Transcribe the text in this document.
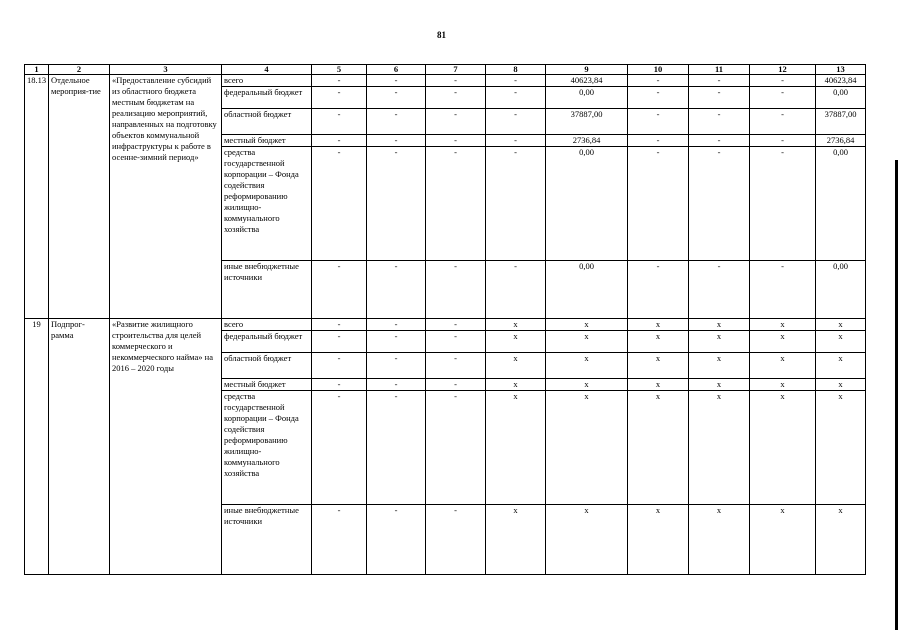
81
1	2	3	4	5	6	7	8	9	10	11	12	13
18.13	Отдельное мероприя-тие	«Предоставление субсидий из областного бюджета местным бюджетам на реализацию мероприятий, направленных на подготовку объектов коммунальной инфраструктуры к работе в осенне-зимний период»	всего	-	-	-	-	40623,84	-	-	-	40623,84
			федеральный бюджет	-	-	-	-	0,00	-	-	-	0,00
			областной бюджет	-	-	-	-	37887,00	-	-	-	37887,00
			местный бюджет	-	-	-	-	2736,84	-	-	-	2736,84
			средства государственной корпорации – Фонда содействия реформированию жилищно-коммунального хозяйства	-	-	-	-	0,00	-	-	-	0,00
			иные внебюджетные источники	-	-	-	-	0,00	-	-	-	0,00
19	Подпрог-рамма	«Развитие жилищного строительства для целей коммерческого и некоммерческого найма» на 2016 – 2020 годы	всего	-	-	-	x	x	x	x	x	x
			федеральный бюджет	-	-	-	x	x	x	x	x	x
			областной бюджет	-	-	-	x	x	x	x	x	x
			местный бюджет	-	-	-	x	x	x	x	x	x
			средства государственной корпорации – Фонда содействия реформированию жилищно-коммунального хозяйства	-	-	-	x	x	x	x	x	x
			иные внебюджетные источники	-	-	-	x	x	x	x	x	x
